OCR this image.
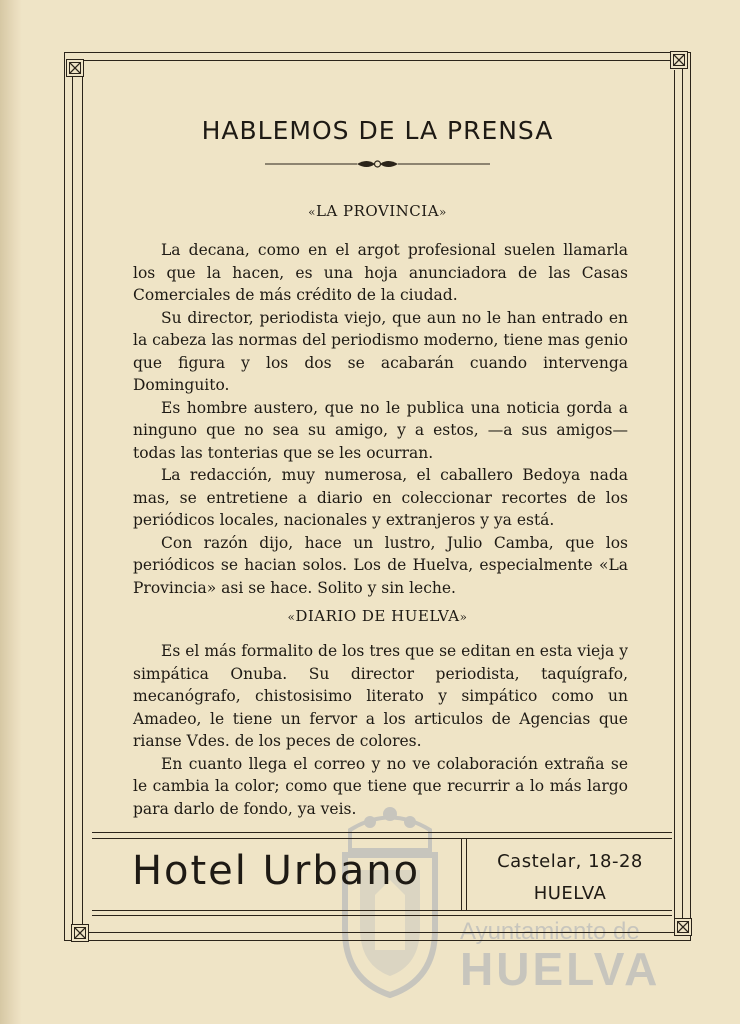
Ayuntamiento de
HUELVA
HABLEMOS DE LA PRENSA
«LA PROVINCIA»

La decana, como en el argot profesional suelen llamarla los que la hacen, es una hoja anunciadora de las Casas Comerciales de más crédito de la ciudad.

Su director, periodista viejo, que aun no le han entrado en la cabeza las normas del periodismo moderno, tiene mas genio que figura y los dos se acabarán cuando intervenga Dominguito.

Es hombre austero, que no le publica una noticia gorda a ninguno que no sea su amigo, y a estos, —a sus amigos— todas las tonterias que se les ocurran.

La redacción, muy numerosa, el caballero Bedoya nada mas, se entretiene a diario en coleccionar recortes de los periódicos locales, nacionales y extranjeros y ya está.

Con razón dijo, hace un lustro, Julio Camba, que los periódicos se hacian solos. Los de Huelva, especialmente «La Provincia» asi se hace. Solito y sin leche.

«DIARIO DE HUELVA»

Es el más formalito de los tres que se editan en esta vieja y simpática Onuba. Su director periodista, taquígrafo, mecanógrafo, chistosisimo literato y simpático como un Amadeo, le tiene un fervor a los articulos de Agencias que rianse Vdes. de los peces de colores.

En cuanto llega el correo y no ve colaboración extraña se le cambia la color; como que tiene que recurrir a lo más largo para darlo de fondo, ya veis.

Hotel Urbano	Castelar, 18-28
HUELVA
